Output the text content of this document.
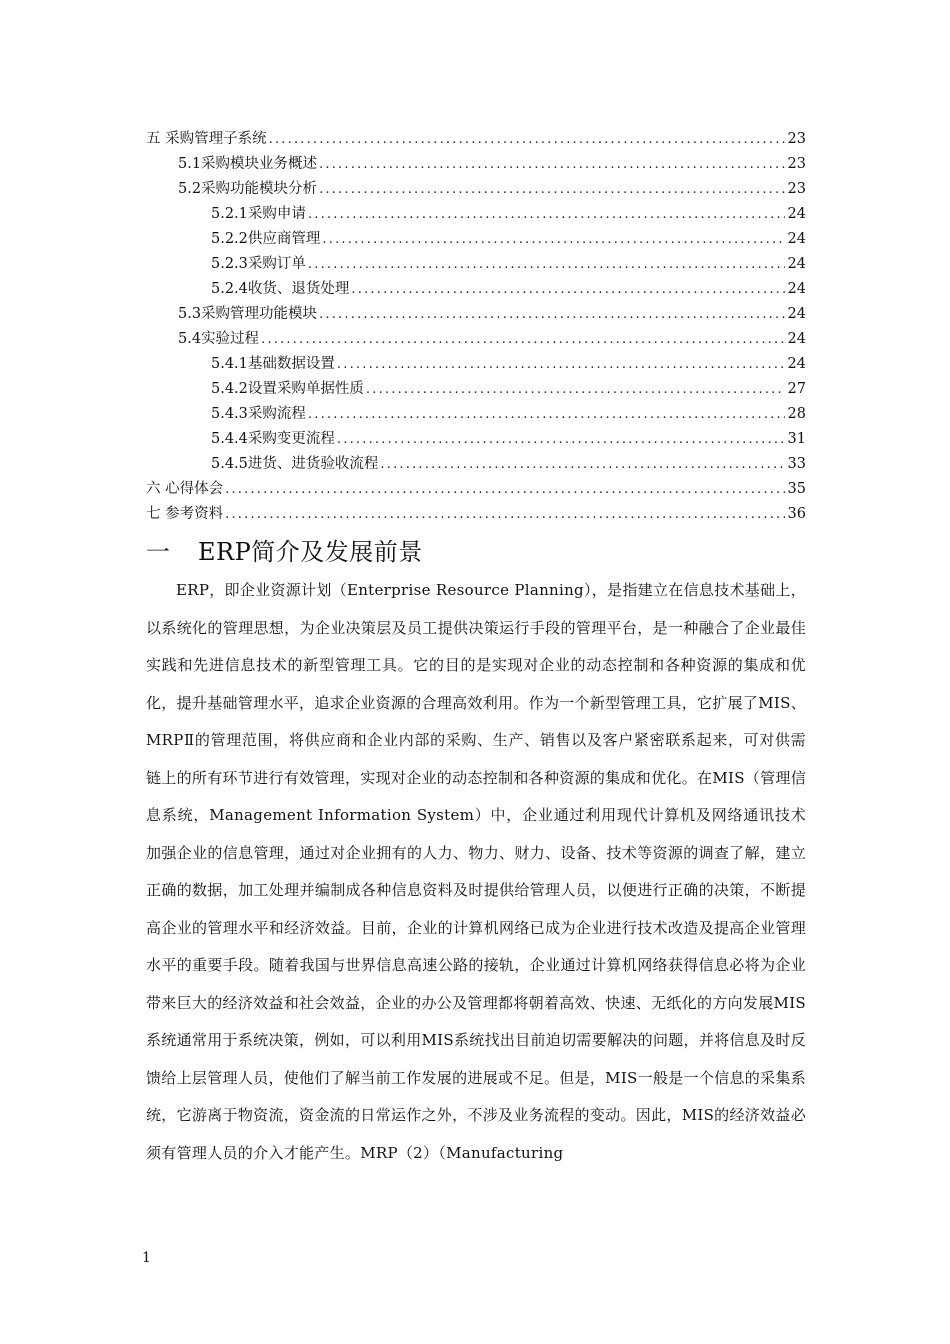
五 采购管理子系统 .....	23
5.1采购模块业务概述 .....	23
5.2采购功能模块分析 .....	23
5.2.1采购申请 .....	24
5.2.2供应商管理 .....	24
5.2.3采购订单 .....	24
5.2.4收货、退货处理 .....	24
5.3采购管理功能模块 .....	24
5.4实验过程 .....	24
5.4.1基础数据设置 .....	24
5.4.2设置采购单据性质 .....	27
5.4.3采购流程 .....	28
5.4.4采购变更流程 .....	31
5.4.5进货、进货验收流程 .....	33
六 心得体会 .....	35
七 参考资料 .....	36
一 ERP简介及发展前景

ERP，即企业资源计划（Enterprise Resource Planning），是指建立在信息技术基础上，以系统化的管理思想，为企业决策层及员工提供决策运行手段的管理平台，是一种融合了企业最佳实践和先进信息技术的新型管理工具。它的目的是实现对企业的动态控制和各种资源的集成和优化，提升基础管理水平，追求企业资源的合理高效利用。作为一个新型管理工具，它扩展了MIS、MRPⅡ的管理范围，将供应商和企业内部的采购、生产、销售以及客户紧密联系起来，可对供需链上的所有环节进行有效管理，实现对企业的动态控制和各种资源的集成和优化。在MIS（管理信息系统，Management Information System）中，企业通过利用现代计算机及网络通讯技术加强企业的信息管理，通过对企业拥有的人力、物力、财力、设备、技术等资源的调查了解，建立正确的数据，加工处理并编制成各种信息资料及时提供给管理人员，以便进行正确的决策，不断提高企业的管理水平和经济效益。目前，企业的计算机网络已成为企业进行技术改造及提高企业管理水平的重要手段。随着我国与世界信息高速公路的接轨，企业通过计算机网络获得信息必将为企业带来巨大的经济效益和社会效益，企业的办公及管理都将朝着高效、快速、无纸化的方向发展MIS系统通常用于系统决策，例如，可以利用MIS系统找出目前迫切需要解决的问题，并将信息及时反馈给上层管理人员，使他们了解当前工作发展的进展或不足。但是，MIS一般是一个信息的采集系统，它游离于物资流，资金流的日常运作之外，不涉及业务流程的变动。因此，MIS的经济效益必须有管理人员的介入才能产生。MRP（2）（Manufacturing

1
